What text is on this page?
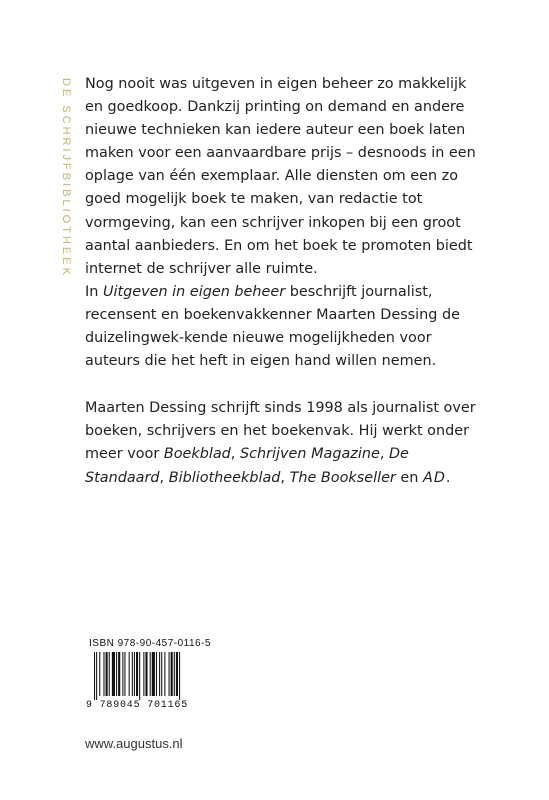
DE SCHRIJFBIBLIOTHEEK Nog nooit was uitgeven in eigen beheer zo makkelijk en goedkoop. Dankzij printing on demand en andere nieuwe technieken kan iedere auteur een boek laten maken voor een aanvaardbare prijs – desnoods in een oplage van één exemplaar. Alle diensten om een zo goed mogelijk boek te maken, van redactie tot vormgeving, kan een schrijver inkopen bij een groot aantal aanbieders. En om het boek te promoten biedt internet de schrijver alle ruimte.

In Uitgeven in eigen beheer beschrijft journalist, recensent en boekenvakkenner Maarten Dessing de duizelingwek-kende nieuwe mogelijkheden voor auteurs die het heft in eigen hand willen nemen.

Maarten Dessing schrijft sinds 1998 als journalist over boeken, schrijvers en het boekenvak. Hij werkt onder meer voor Boekblad, Schrijven Magazine, De Standaard, Bibliotheekblad, The Bookseller en AD.

ISBN 978-90-457-0116-5
9 789045 701165
www.augustus.nl
